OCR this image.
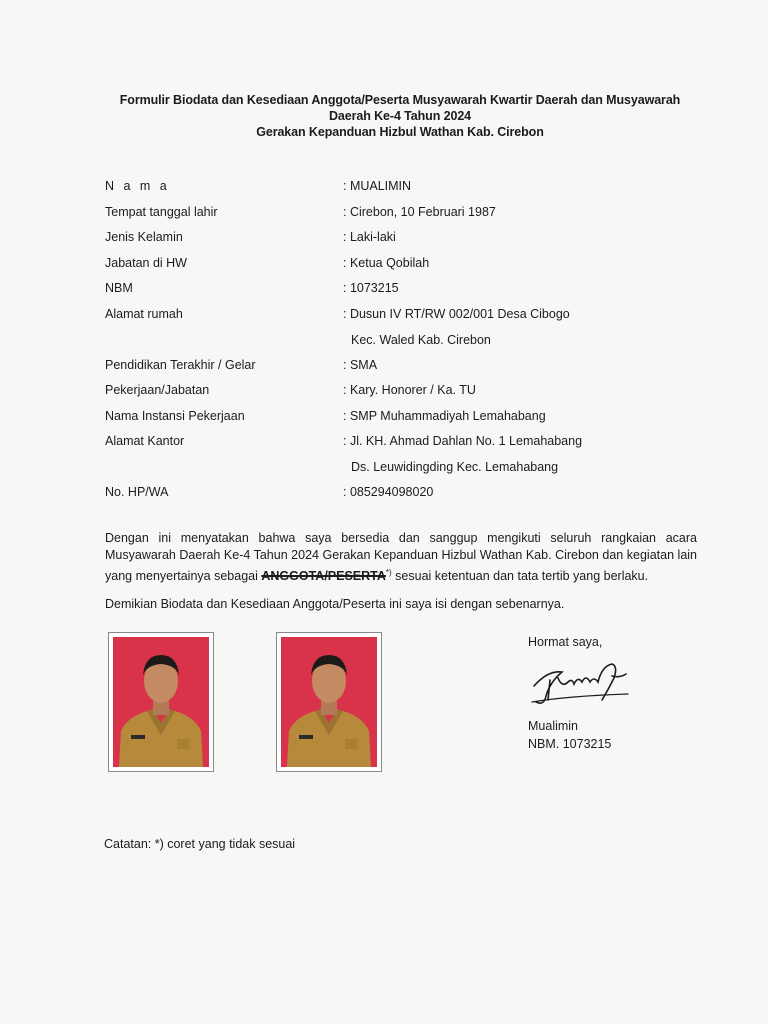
Formulir Biodata dan Kesediaan Anggota/Peserta Musyawarah Kwartir Daerah dan Musyawarah
Daerah Ke-4 Tahun 2024
Gerakan Kepanduan Hizbul Wathan Kab. Cirebon
N a m a	: MUALIMIN
Tempat tanggal lahir	: Cirebon, 10 Februari 1987
Jenis Kelamin	: Laki-laki
Jabatan di HW	: Ketua Qobilah
NBM	: 1073215
Alamat rumah	: Dusun IV RT/RW 002/001 Desa Cibogo
Kec. Waled Kab. Cirebon
Pendidikan Terakhir / Gelar	: SMA
Pekerjaan/Jabatan	: Kary. Honorer / Ka. TU
Nama Instansi Pekerjaan	: SMP Muhammadiyah Lemahabang
Alamat Kantor	: Jl. KH. Ahmad Dahlan No. 1 Lemahabang
Ds. Leuwidingding Kec. Lemahabang
No. HP/WA	: 085294098020
Dengan ini menyatakan bahwa saya bersedia dan sanggup mengikuti seluruh rangkaian acara Musyawarah Daerah Ke-4 Tahun 2024 Gerakan Kepanduan Hizbul Wathan Kab. Cirebon dan kegiatan lain yang menyertainya sebagai ANGGOTA/PESERTA*) sesuai ketentuan dan tata tertib yang berlaku.
Demikian Biodata dan Kesediaan Anggota/Peserta ini saya isi dengan sebenarnya.
Hormat saya,
Mualimin
NBM. 1073215
Catatan: *) coret yang tidak sesuai
